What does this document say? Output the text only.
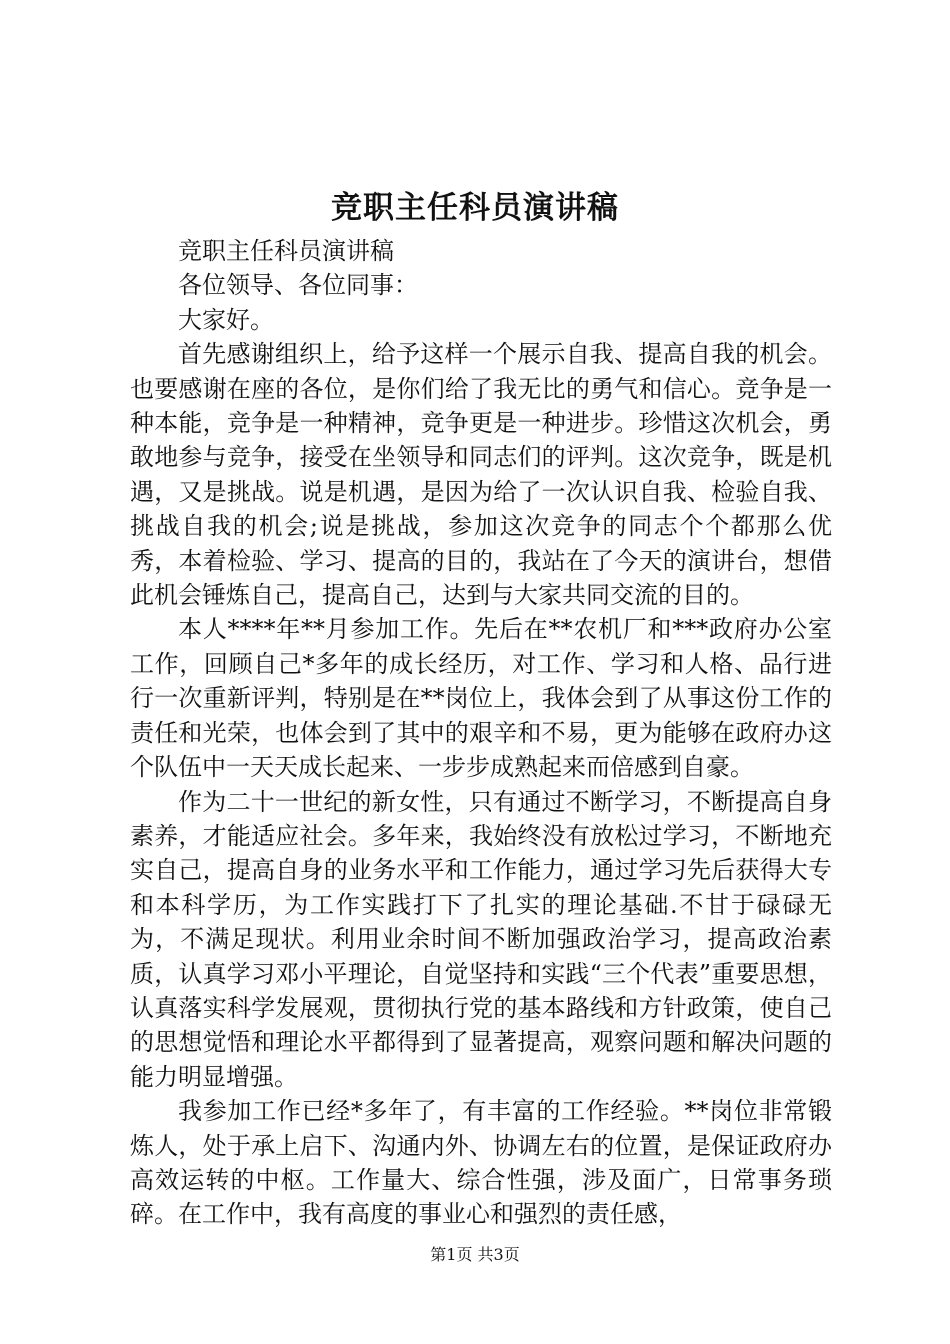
竞职主任科员演讲稿

竞职主任科员演讲稿

各位领导、各位同事：

大家好。

首先感谢组织上，给予这样一个展示自我、提高自我的机会。也要感谢在座的各位，是你们给了我无比的勇气和信心。竞争是一种本能，竞争是一种精神，竞争更是一种进步。珍惜这次机会，勇敢地参与竞争，接受在坐领导和同志们的评判。这次竞争，既是机遇，又是挑战。说是机遇，是因为给了一次认识自我、检验自我、挑战自我的机会;说是挑战，参加这次竞争的同志个个都那么优秀，本着检验、学习、提高的目的，我站在了今天的演讲台，想借此机会锤炼自己，提高自己，达到与大家共同交流的目的。

本人****年**月参加工作。先后在**农机厂和***政府办公室工作，回顾自己*多年的成长经历，对工作、学习和人格、品行进行一次重新评判，特别是在**岗位上，我体会到了从事这份工作的责任和光荣，也体会到了其中的艰辛和不易，更为能够在政府办这个队伍中一天天成长起来、一步步成熟起来而倍感到自豪。

作为二十一世纪的新女性，只有通过不断学习，不断提高自身素养，才能适应社会。多年来，我始终没有放松过学习，不断地充实自己，提高自身的业务水平和工作能力，通过学习先后获得大专和本科学历，为工作实践打下了扎实的理论基础.不甘于碌碌无为，不满足现状。利用业余时间不断加强政治学习，提高政治素质，认真学习邓小平理论，自觉坚持和实践“三个代表”重要思想，认真落实科学发展观，贯彻执行党的基本路线和方针政策，使自己的思想觉悟和理论水平都得到了显著提高，观察问题和解决问题的能力明显增强。

我参加工作已经*多年了，有丰富的工作经验。**岗位非常锻炼人，处于承上启下、沟通内外、协调左右的位置，是保证政府办高效运转的中枢。工作量大、综合性强，涉及面广，日常事务琐碎。在工作中，我有高度的事业心和强烈的责任感，

第1页 共3页
